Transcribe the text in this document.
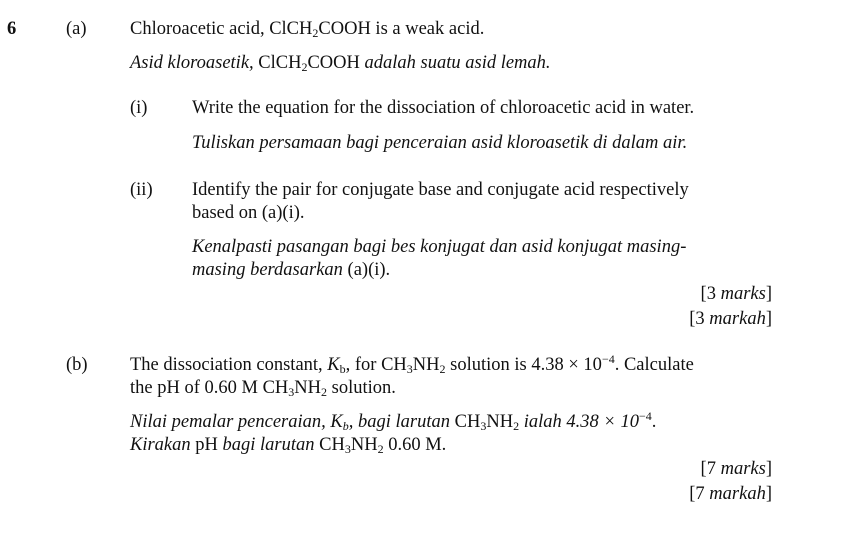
6	(a) Chloroacetic acid, ClCH$_2$COOH is a weak acid.
Asid kloroasetik, ClCH$_2$COOH adalah suatu asid lemah.
(i) Write the equation for the dissociation of chloroacetic acid in water.
Tuliskan persamaan bagi penceraian asid kloroasetik di dalam air.
(ii) Identify the pair for conjugate base and conjugate acid respectively
based on (a)(i).
Kenalpasti pasangan bagi bes konjugat dan asid konjugat masing-
masing berdasarkan (a)(i).
[3 marks]
[3 markah]
(b) The dissociation constant, $K_b$, for $CH_3NH_2$ solution is $4.38 \times 10^{-4}$. Calculate
the pH of 0.60 M $CH_3NH_2$ solution.
Nilai pemalar penceraian, $K_b$, bagi larutan $CH_3NH_2$ ialah $4.38 \times 10^{-4}$.
Kirakan pH bagi larutan $CH_3NH_2$ 0.60 M.
[7 marks]
[7 markah]
